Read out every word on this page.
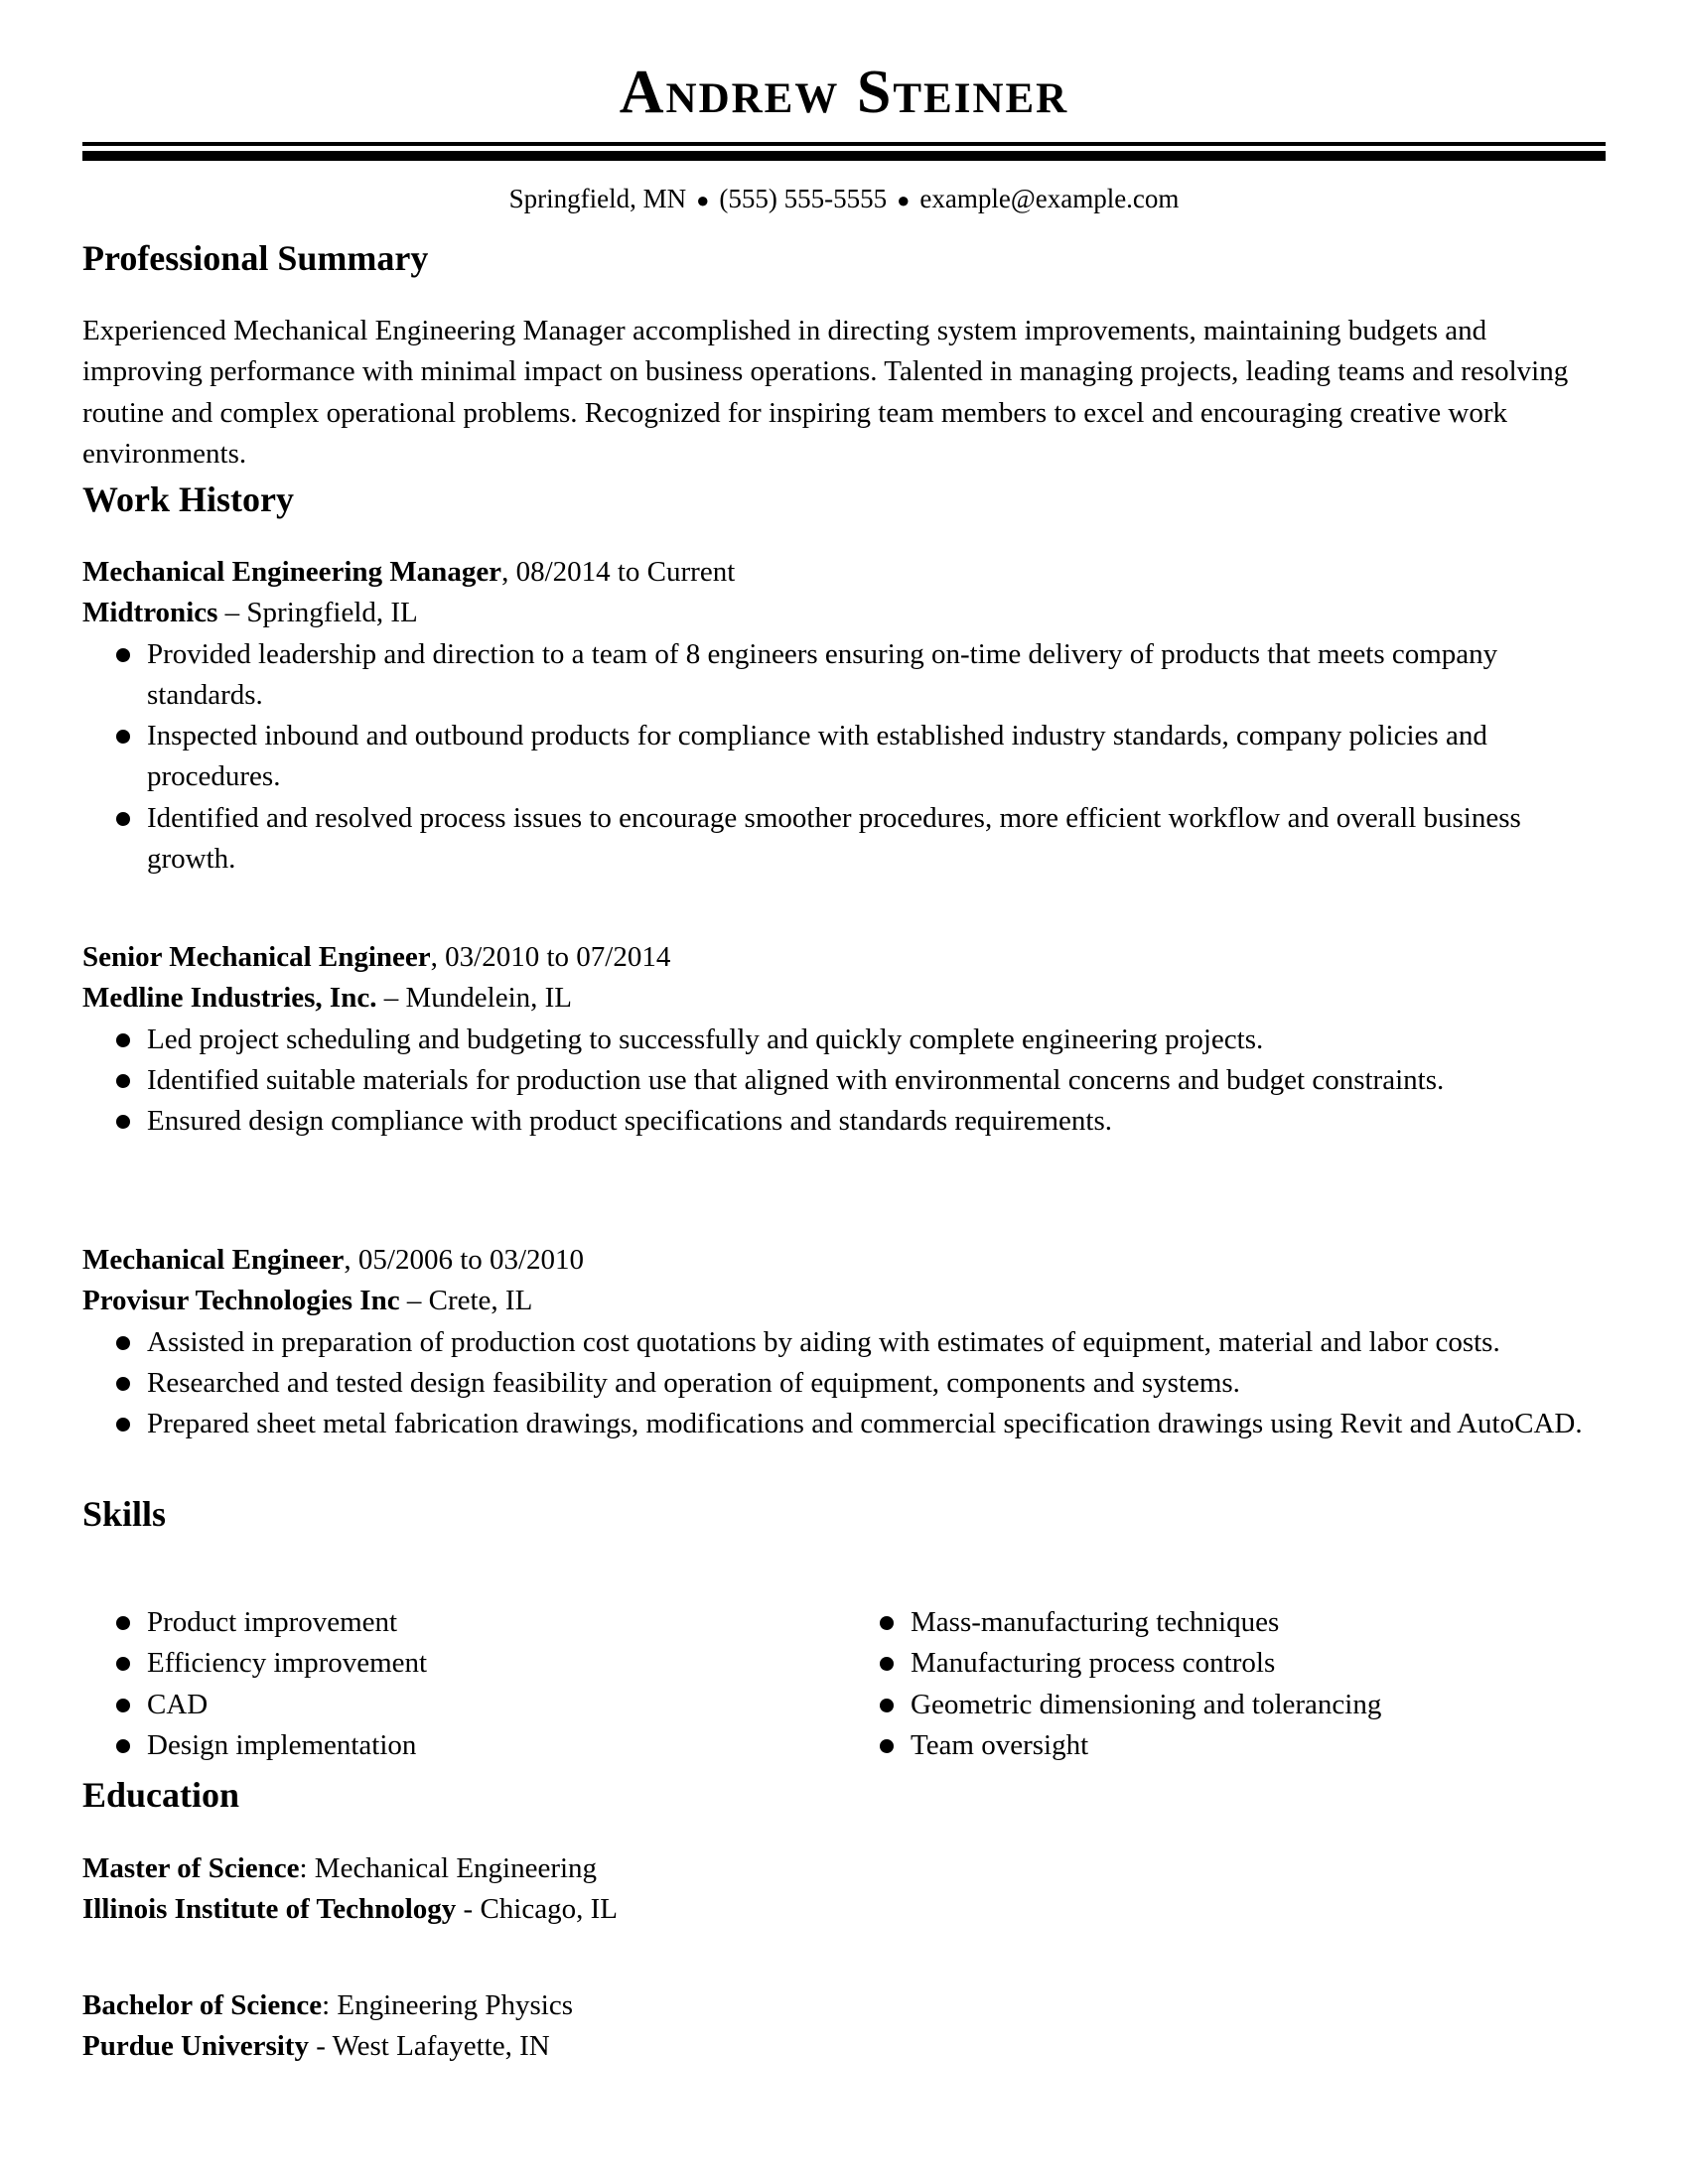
Andrew Steiner
Springfield, MN ● (555) 555-5555 ● example@example.com
Professional Summary
Experienced Mechanical Engineering Manager accomplished in directing system improvements, maintaining budgets and improving performance with minimal impact on business operations. Talented in managing projects, leading teams and resolving routine and complex operational problems. Recognized for inspiring team members to excel and encouraging creative work environments.
Work History
Mechanical Engineering Manager, 08/2014 to Current
Midtronics – Springfield, IL
Provided leadership and direction to a team of 8 engineers ensuring on-time delivery of products that meets company standards.
Inspected inbound and outbound products for compliance with established industry standards, company policies and procedures.
Identified and resolved process issues to encourage smoother procedures, more efficient workflow and overall business growth.
Senior Mechanical Engineer, 03/2010 to 07/2014
Medline Industries, Inc. – Mundelein, IL
Led project scheduling and budgeting to successfully and quickly complete engineering projects.
Identified suitable materials for production use that aligned with environmental concerns and budget constraints.
Ensured design compliance with product specifications and standards requirements.
Mechanical Engineer, 05/2006 to 03/2010
Provisur Technologies Inc – Crete, IL
Assisted in preparation of production cost quotations by aiding with estimates of equipment, material and labor costs.
Researched and tested design feasibility and operation of equipment, components and systems.
Prepared sheet metal fabrication drawings, modifications and commercial specification drawings using Revit and AutoCAD.
Skills
Product improvement
Efficiency improvement
CAD
Design implementation
Mass-manufacturing techniques
Manufacturing process controls
Geometric dimensioning and tolerancing
Team oversight
Education
Master of Science: Mechanical Engineering
Illinois Institute of Technology - Chicago, IL
Bachelor of Science: Engineering Physics
Purdue University - West Lafayette, IN
